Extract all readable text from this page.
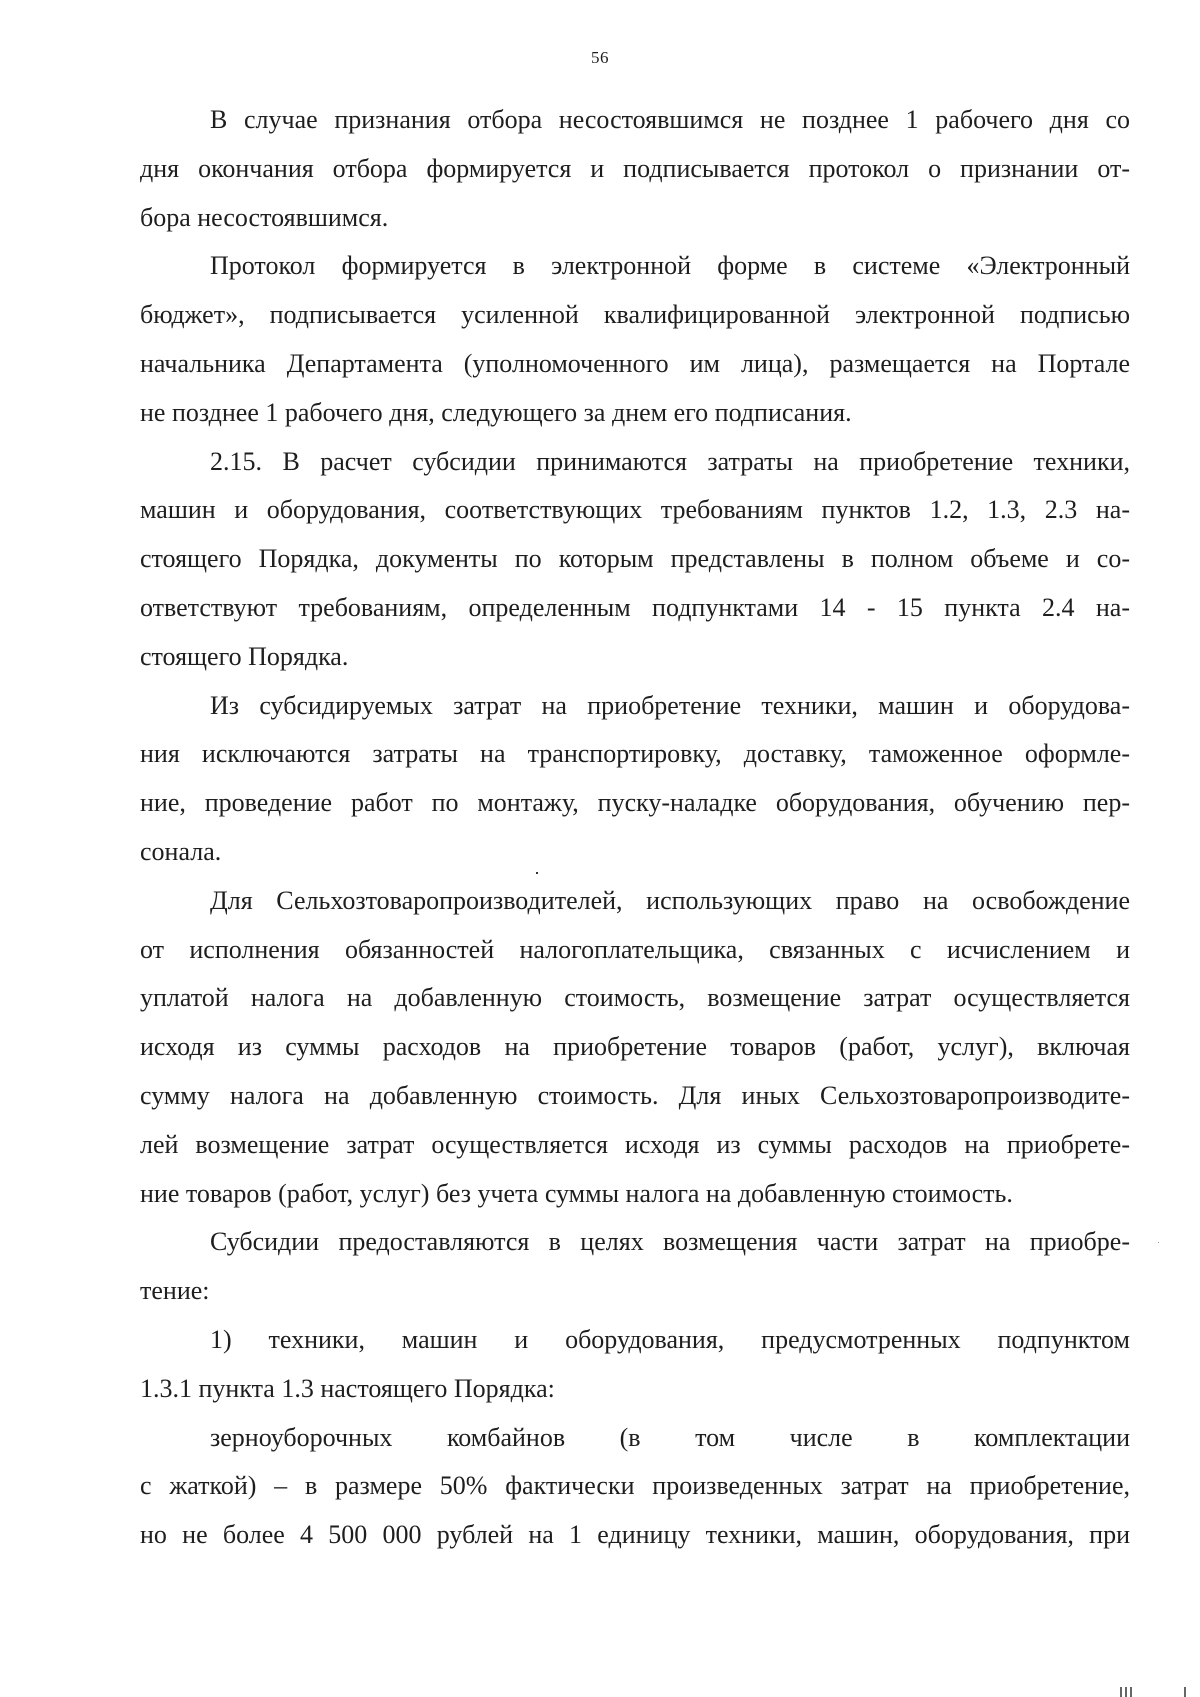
56
В случае признания отбора несостоявшимся не позднее 1 рабочего дня со
дня окончания отбора формируется и подписывается протокол о признании от-
бора несостоявшимся.
Протокол формируется в электронной форме в системе «Электронный
бюджет», подписывается усиленной квалифицированной электронной подписью
начальника Департамента (уполномоченного им лица), размещается на Портале
не позднее 1 рабочего дня, следующего за днем его подписания.
2.15. В расчет субсидии принимаются затраты на приобретение техники,
машин и оборудования, соответствующих требованиям пунктов 1.2, 1.3, 2.3 на-
стоящего Порядка, документы по которым представлены в полном объеме и со-
ответствуют требованиям, определенным подпунктами 14 - 15 пункта 2.4 на-
стоящего Порядка.
Из субсидируемых затрат на приобретение техники, машин и оборудова-
ния исключаются затраты на транспортировку, доставку, таможенное оформле-
ние, проведение работ по монтажу, пуску-наладке оборудования, обучению пер-
сонала.
Для Сельхозтоваропроизводителей, использующих право на освобождение
от исполнения обязанностей налогоплательщика, связанных с исчислением и
уплатой налога на добавленную стоимость, возмещение затрат осуществляется
исходя из суммы расходов на приобретение товаров (работ, услуг), включая
сумму налога на добавленную стоимость. Для иных Сельхозтоваропроизводите-
лей возмещение затрат осуществляется исходя из суммы расходов на приобрете-
ние товаров (работ, услуг) без учета суммы налога на добавленную стоимость.
Субсидии предоставляются в целях возмещения части затрат на приобре-
тение:
1) техники, машин и оборудования, предусмотренных подпунктом
1.3.1 пункта 1.3 настоящего Порядка:
зерноуборочных комбайнов (в том числе в комплектации
с жаткой) – в размере 50% фактически произведенных затрат на приобретение,
но не более 4 500 000 рублей на 1 единицу техники, машин, оборудования, при
